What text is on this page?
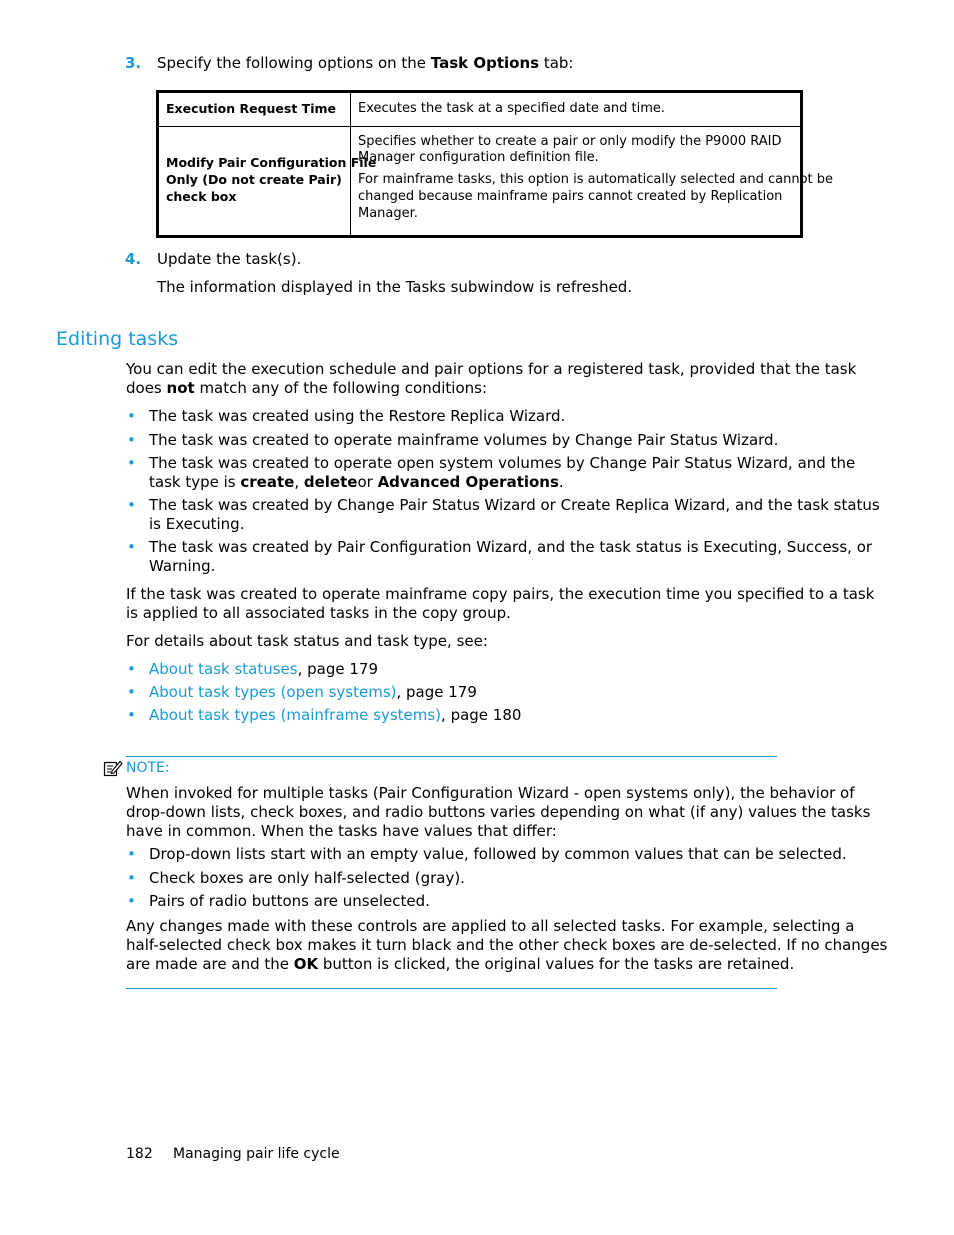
3. Specify the following options on the Task Options tab:
Execution Request Time Executes the task at a specified date and time.
Modify Pair Configuration File
Only (Do not create Pair)
check box
Specifies whether to create a pair or only modify the P9000 RAID
Manager configuration definition file.
For mainframe tasks, this option is automatically selected and cannot be
changed because mainframe pairs cannot created by Replication
Manager.
4. Update the task(s).
The information displayed in the Tasks subwindow is refreshed.
Editing tasks
You can edit the execution schedule and pair options for a registered task, provided that the task
does not match any of the following conditions:
• The task was created using the Restore Replica Wizard.
• The task was created to operate mainframe volumes by Change Pair Status Wizard.
• The task was created to operate open system volumes by Change Pair Status Wizard, and the
task type is create, deleteor Advanced Operations.
• The task was created by Change Pair Status Wizard or Create Replica Wizard, and the task status
is Executing.
• The task was created by Pair Configuration Wizard, and the task status is Executing, Success, or
Warning.
If the task was created to operate mainframe copy pairs, the execution time you specified to a task
is applied to all associated tasks in the copy group.
For details about task status and task type, see:
• About task statuses, page 179
• About task types (open systems), page 179
• About task types (mainframe systems), page 180
NOTE:
When invoked for multiple tasks (Pair Configuration Wizard - open systems only), the behavior of
drop-down lists, check boxes, and radio buttons varies depending on what (if any) values the tasks
have in common. When the tasks have values that differ:
• Drop-down lists start with an empty value, followed by common values that can be selected.
• Check boxes are only half-selected (gray).
• Pairs of radio buttons are unselected.
Any changes made with these controls are applied to all selected tasks. For example, selecting a
half-selected check box makes it turn black and the other check boxes are de-selected. If no changes
are made are and the OK button is clicked, the original values for the tasks are retained.
182 Managing pair life cycle
